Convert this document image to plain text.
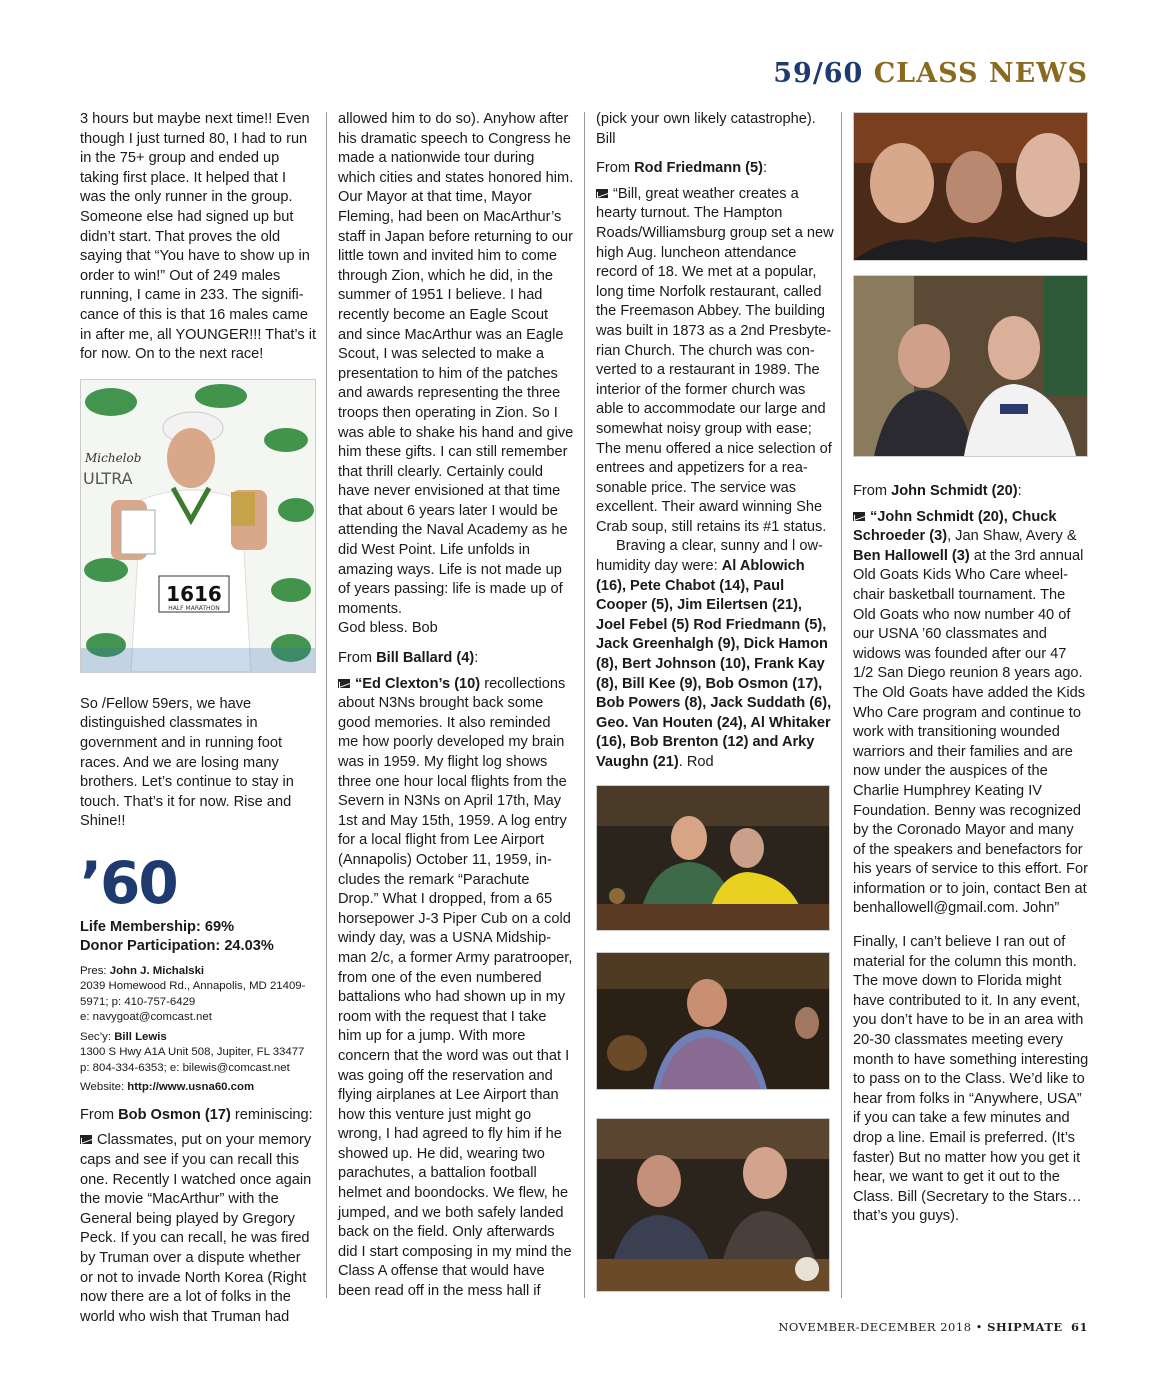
59/60 CLASS NEWS

3 hours but maybe next time!! Even though I just turned 80, I had to run in the 75+ group and ended up taking first place. It helped that I was the only runner in the group. Someone else had signed up but didn’t start. That proves the old saying that “You have to show up in order to win!” Out of 249 males running, I came in 233. The significance of this is that 16 males came in after me, all YOUNGER!!! That’s it for now. On to the next race!

Michelob
ULTRA
1616
HALF MARATHON

So /Fellow 59ers, we have distinguished classmates in government and in running foot races. And we are losing many brothers. Let’s continue to stay in touch. That’s it for now. Rise and Shine!!

’60
Life Membership: 69%
Donor Participation: 24.03%

Pres: John J. Michalski

2039 Homewood Rd., Annapolis, MD 21409-5971; p: 410-757-6429

e: navygoat@comcast.net

Sec’y: Bill Lewis

1300 S Hwy A1A Unit 508, Jupiter, FL 33477

p: 804-334-6353; e: bilewis@comcast.net

Website: http://www.usna60.com

From Bob Osmon (17) reminiscing:

Classmates, put on your memory caps and see if you can recall this one. Recently I watched once again the movie “MacArthur” with the General being played by Gregory Peck. If you can recall, he was fired by Truman over a dispute whether or not to invade North Korea (Right now there are a lot of folks in the world who wish that Truman had

allowed him to do so). Anyhow after his dramatic speech to Congress he made a nationwide tour during which cities and states honored him. Our Mayor at that time, Mayor Fleming, had been on MacArthur’s staff in Japan before returning to our little town and invited him to come through Zion, which he did, in the summer of 1951 I believe. I had recently become an Eagle Scout and since MacArthur was an Eagle Scout, I was selected to make a presentation to him of the patches and awards representing the three troops then operating in Zion. So I was able to shake his hand and give him these gifts. I can still remember that thrill clearly. Certainly could have never envisioned at that time that about 6 years later I would be attending the Naval Academy as he did West Point. Life unfolds in amazing ways. Life is not made up of years passing: life is made up of moments.

God bless. Bob

From Bill Ballard (4):

“Ed Clexton’s (10) recollections about N3Ns brought back some good memories. It also reminded me how poorly developed my brain was in 1959. My flight log shows three one hour local flights from the Severn in N3Ns on April 17th, May 1st and May 15th, 1959. A log entry for a local flight from Lee Airport (Annapolis) October 11, 1959, includes the remark “Parachute Drop.” What I dropped, from a 65 horsepower J-3 Piper Cub on a cold windy day, was a USNA Midshipman 2/c, a former Army paratrooper, from one of the even numbered battalions who had shown up in my room with the request that I take him up for a jump. With more concern that the word was out that I was going off the reservation and flying airplanes at Lee Airport than how this venture just might go wrong, I had agreed to fly him if he showed up. He did, wearing two parachutes, a battalion football helmet and boondocks. We flew, he jumped, and we both safely landed back on the field. Only afterwards did I start composing in my mind the Class A offense that would have been read off in the mess hall if

(pick your own likely catastrophe).

Bill

From Rod Friedmann (5):

“Bill, great weather creates a hearty turnout. The Hampton Roads/Williamsburg group set a new high Aug. luncheon attendance record of 18. We met at a popular, long time Norfolk restaurant, called the Freemason Abbey. The building was built in 1873 as a 2nd Presbyterian Church. The church was converted to a restaurant in 1989. The interior of the former church was able to accommodate our large and somewhat noisy group with ease; The menu offered a nice selection of entrees and appetizers for a reasonable price. The service was excellent. Their award winning She Crab soup, still retains its #1 status.

Braving a clear, sunny and l ow-humidity day were: Al Ablowich (16), Pete Chabot (14), Paul Cooper (5), Jim Eilertsen (21), Joel Febel (5) Rod Friedmann (5), Jack Greenhalgh (9), Dick Hamon (8), Bert Johnson (10), Frank Kay (8), Bill Kee (9), Bob Osmon (17), Bob Powers (8), Jack Suddath (6), Geo. Van Houten (24), Al Whitaker (16), Bob Brenton (12) and Arky Vaughn (21). Rod

From John Schmidt (20):

“John Schmidt (20), Chuck Schroeder (3), Jan Shaw, Avery & Ben Hallowell (3) at the 3rd annual Old Goats Kids Who Care wheelchair basketball tournament. The Old Goats who now number 40 of our USNA ’60 classmates and widows was founded after our 47 1/2 San Diego reunion 8 years ago. The Old Goats have added the Kids Who Care program and continue to work with transitioning wounded warriors and their families and are now under the auspices of the Charlie Humphrey Keating IV Foundation. Benny was recognized by the Coronado Mayor and many of the speakers and benefactors for his years of service to this effort. For information or to join, contact Ben at benhallowell@gmail.com. John”

Finally, I can’t believe I ran out of material for the column this month. The move down to Florida might have contributed to it. In any event, you don’t have to be in an area with 20-30 classmates meeting every month to have something interesting to pass on to the Class. We’d like to hear from folks in “Anywhere, USA” if you can take a few minutes and drop a line. Email is preferred. (It’s faster) But no matter how you get it hear, we want to get it out to the Class. Bill (Secretary to the Stars… that’s you guys).

NOVEMBER-DECEMBER 2018 • SHIPMATE 61
